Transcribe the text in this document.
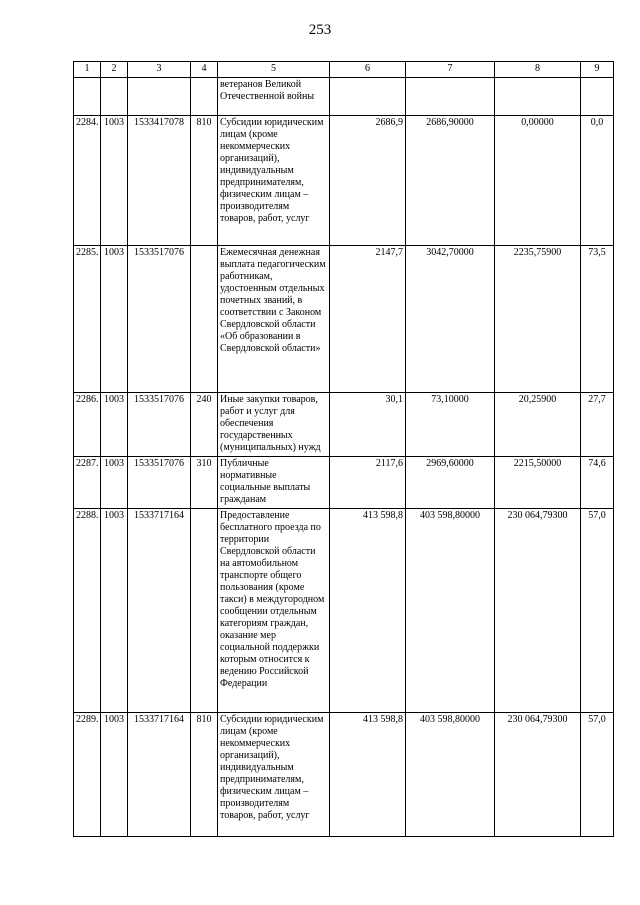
253
1	2	3	4	5	6	7	8	9
				ветеранов Великой Отечественной войны				
2284.	1003	1533417078	810	Субсидии юридическим лицам (кроме некоммерческих организаций), индивидуальным предпринимателям, физическим лицам – производителям товаров, работ, услуг	2686,9	2686,90000	0,00000	0,0
2285.	1003	1533517076		Ежемесячная денежная выплата педагогическим работникам, удостоенным отдельных почетных званий, в соответствии с Законом Свердловской области «Об образовании в Свердловской области»	2147,7	3042,70000	2235,75900	73,5
2286.	1003	1533517076	240	Иные закупки товаров, работ и услуг для обеспечения государственных (муниципальных) нужд	30,1	73,10000	20,25900	27,7
2287.	1003	1533517076	310	Публичные нормативные социальные выплаты гражданам	2117,6	2969,60000	2215,50000	74,6
2288.	1003	1533717164		Предоставление бесплатного проезда по территории Свердловской области на автомобильном транспорте общего пользования (кроме такси) в междугородном сообщении отдельным категориям граждан, оказание мер социальной поддержки которым относится к ведению Российской Федерации	413 598,8	403 598,80000	230 064,79300	57,0
2289.	1003	1533717164	810	Субсидии юридическим лицам (кроме некоммерческих организаций), индивидуальным предпринимателям, физическим лицам – производителям товаров, работ, услуг	413 598,8	403 598,80000	230 064,79300	57,0
